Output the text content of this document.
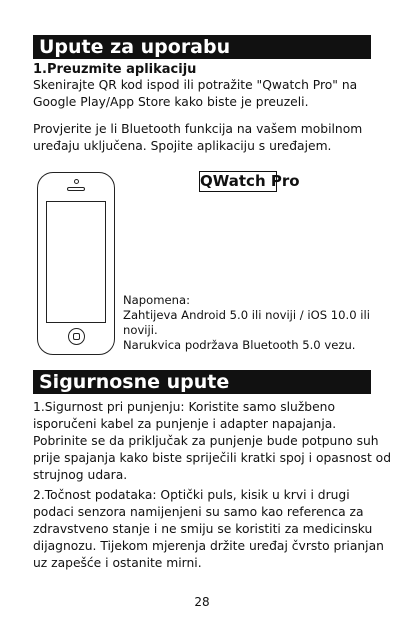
Upute za uporabu
1.Preuzmite aplikaciju
Skenirajte QR kod ispod ili potražite "Qwatch Pro" na
Google Play/App Store kako biste je preuzeli.
Provjerite je li Bluetooth funkcija na vašem mobilnom
uređaju uključena. Spojite aplikaciju s uređajem.
QWatch Pro
Napomena:
Zahtijeva Android 5.0 ili noviji / iOS 10.0 ili
noviji.
Narukvica podržava Bluetooth 5.0 vezu.
Sigurnosne upute
1.Sigurnost pri punjenju: Koristite samo službeno
isporučeni kabel za punjenje i adapter napajanja.
Pobrinite se da priključak za punjenje bude potpuno suh
prije spajanja kako biste spriječili kratki spoj i opasnost od
strujnog udara.
2.Točnost podataka: Optički puls, kisik u krvi i drugi
podaci senzora namijenjeni su samo kao referenca za
zdravstveno stanje i ne smiju se koristiti za medicinsku
dijagnozu. Tijekom mjerenja držite uređaj čvrsto prianjan
uz zapešće i ostanite mirni.
28
